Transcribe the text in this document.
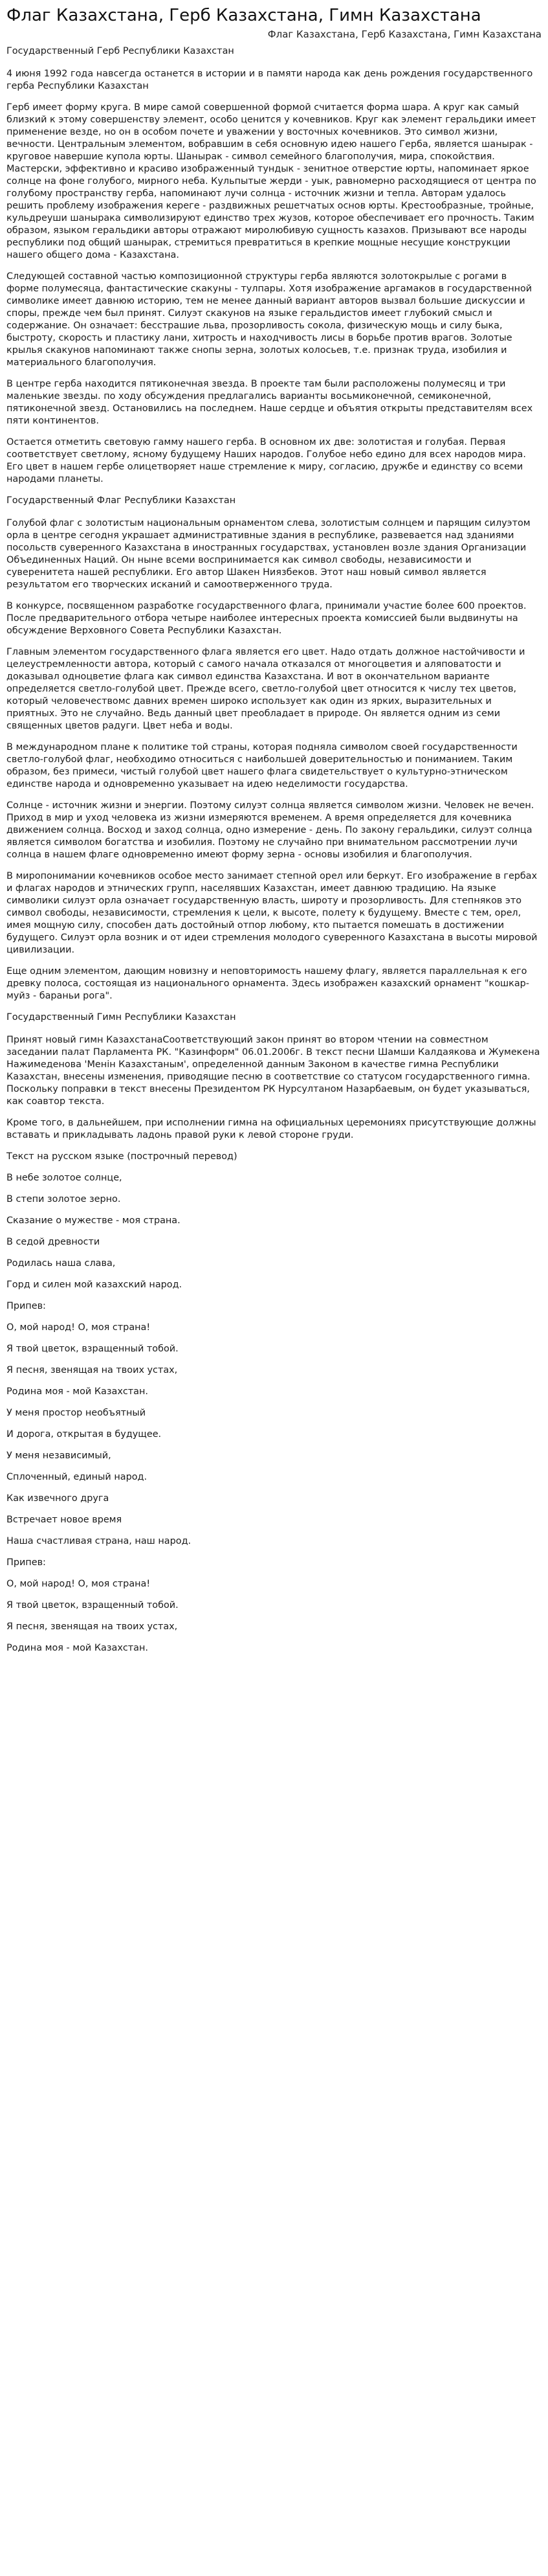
Флаг Казахстана, Герб Казахстана, Гимн Казахстана
Флаг Казахстана, Герб Казахстана, Гимн Казахстана
Государственный Герб Республики Казахстан

4 июня 1992 года навсегда останется в истории и в памяти народа как день рождения государственного герба Республики Казахстан

Герб имеет форму круга. В мире самой совершенной формой считается форма шара. А круг как самый близкий к этому совершенству элемент, особо ценится у кочевников. Круг как элемент геральдики имеет применение везде, но он в особом почете и уважении у восточных кочевников. Это символ жизни, вечности. Центральным элементом, вобравшим в себя основную идею нашего Герба, является шанырак - круговое навершие купола юрты. Шанырак - символ семейного благополучия, мира, спокойствия. Мастерски, эффективно и красиво изображенный тундык - зенитное отверстие юрты, напоминает яркое солнце на фоне голубого, мирного неба. Кульпытые жерди - уык, равномерно расходящиеся от центра по голубому пространству герба, напоминают лучи солнца - источник жизни и тепла. Авторам удалось решить проблему изображения кереге - раздвижных решетчатых основ юрты. Крестообразные, тройные, кульдреуши шанырака символизируют единство трех жузов, которое обеспечивает его прочность. Таким образом, языком геральдики авторы отражают миролюбивую сущность казахов. Призывают все народы республики под общий шанырак, стремиться превратиться в крепкие мощные несущие конструкции нашего общего дома - Казахстана.

Следующей составной частью композиционной структуры герба являются золотокрылые с рогами в форме полумесяца, фантастические скакуны - тулпары. Хотя изображение аргамаков в государственной символике имеет давнюю историю, тем не менее данный вариант авторов вызвал большие дискуссии и споры, прежде чем был принят. Силуэт скакунов на языке геральдистов имеет глубокий смысл и содержание. Он означает: бесстрашие льва, прозорливость сокола, физическую мощь и силу быка, быстроту, скорость и пластику лани, хитрость и находчивость лисы в борьбе против врагов. Золотые крылья скакунов напоминают также снопы зерна, золотых колосьев, т.е. признак труда, изобилия и материального благополучия.

В центре герба находится пятиконечная звезда. В проекте там были расположены полумесяц и три маленькие звезды. по ходу обсуждения предлагались варианты восьмиконечной, семиконечной, пятиконечной звезд. Остановились на последнем. Наше сердце и объятия открыты представителям всех пяти континентов.

Остается отметить световую гамму нашего герба. В основном их две: золотистая и голубая. Первая соответствует светлому, ясному будущему Наших народов. Голубое небо едино для всех народов мира. Его цвет в нашем гербе олицетворяет наше стремление к миру, согласию, дружбе и единству со всеми народами планеты.

Государственный Флаг Республики Казахстан

Голубой флаг с золотистым национальным орнаментом слева, золотистым солнцем и парящим силуэтом орла в центре сегодня украшает административные здания в республике, развевается над зданиями посольств суверенного Казахстана в иностранных государствах, установлен возле здания Организации Объединенных Наций. Он ныне всеми воспринимается как символ свободы, независимости и суверенитета нашей республики. Его автор Шакен Ниязбеков. Этот наш новый символ является результатом его творческих исканий и самоотверженного труда.

В конкурсе, посвященном разработке государственного флага, принимали участие более 600 проектов. После предварительного отбора четыре наиболее интересных проекта комиссией были выдвинуты на обсуждение Верховного Совета Республики Казахстан.

Главным элементом государственного флага является его цвет. Надо отдать должное настойчивости и целеустремленности автора, который с самого начала отказался от многоцветия и аляповатости и доказывал одноцветие флага как символ единства Казахстана. И вот в окончательном варианте определяется светло-голубой цвет. Прежде всего, светло-голубой цвет относится к числу тех цветов, который человечествомс давних времен широко использует как один из ярких, выразительных и приятных. Это не случайно. Ведь данный цвет преобладает в природе. Он является одним из семи священных цветов радуги. Цвет неба и воды.

В международном плане к политике той страны, которая подняла символом своей государственности светло-голубой флаг, необходимо относиться с наибольшей доверительностью и пониманием. Таким образом, без примеси, чистый голубой цвет нашего флага свидетельствует о культурно-этническом единстве народа и одновременно указывает на идею неделимости государства.

Солнце - источник жизни и энергии. Поэтому силуэт солнца является символом жизни. Человек не вечен. Приход в мир и уход человека из жизни измеряются временем. А время определяется для кочевника движением солнца. Восход и заход солнца, одно измерение - день. По закону геральдики, силуэт солнца является символом богатства и изобилия. Поэтому не случайно при внимательном рассмотрении лучи солнца в нашем флаге одновременно имеют форму зерна - основы изобилия и благополучия.

В миропонимании кочевников особое место занимает степной орел или беркут. Его изображение в гербах и флагах народов и этнических групп, населявших Казахстан, имеет давнюю традицию. На языке символики силуэт орла означает государственную власть, широту и прозорливость. Для степняков это символ свободы, независимости, стремления к цели, к высоте, полету к будущему. Вместе с тем, орел, имея мощную силу, способен дать достойный отпор любому, кто пытается помешать в достижении будущего. Силуэт орла возник и от идеи стремления молодого суверенного Казахстана в высоты мировой цивилизации.

Еще одним элементом, дающим новизну и неповторимость нашему флагу, является параллельная к его древку полоса, состоящая из национального орнамента. Здесь изображен казахский орнамент "кошкар-муйз - бараньи рога".

Государственный Гимн Республики Казахстан

Принят новый гимн КазахстанаСоответствующий закон принят во втором чтении на совместном заседании палат Парламента РК. "Казинформ" 06.01.2006г. В текст песни Шамши Калдаякова и Жумекена Нажимеденова 'Менiн Казахстаным', определенной данным Законом в качестве гимна Республики Казахстан, внесены изменения, приводящие песню в соответствие со статусом государственного гимна. Поскольку поправки в текст внесены Президентом РК Нурсултаном Назарбаевым, он будет указываться, как соавтор текста.

Кроме того, в дальнейшем, при исполнении гимна на официальных церемониях присутствующие должны вставать и прикладывать ладонь правой руки к левой стороне груди.

Текст на русском языке (построчный перевод)

В небе золотое солнце,

В степи золотое зерно.

Сказание о мужестве - моя страна.

В седой древности

Родилась наша слава,

Горд и силен мой казахский народ.

Припев:

О, мой народ! О, моя страна!

Я твой цветок, взращенный тобой.

Я песня, звенящая на твоих устах,

Родина моя - мой Казахстан.

У меня простор необъятный

И дорога, открытая в будущее.

У меня независимый,

Сплоченный, единый народ.

Как извечного друга

Встречает новое время

Наша счастливая страна, наш народ.

Припев:

О, мой народ! О, моя страна!

Я твой цветок, взращенный тобой.

Я песня, звенящая на твоих устах,

Родина моя - мой Казахстан.
